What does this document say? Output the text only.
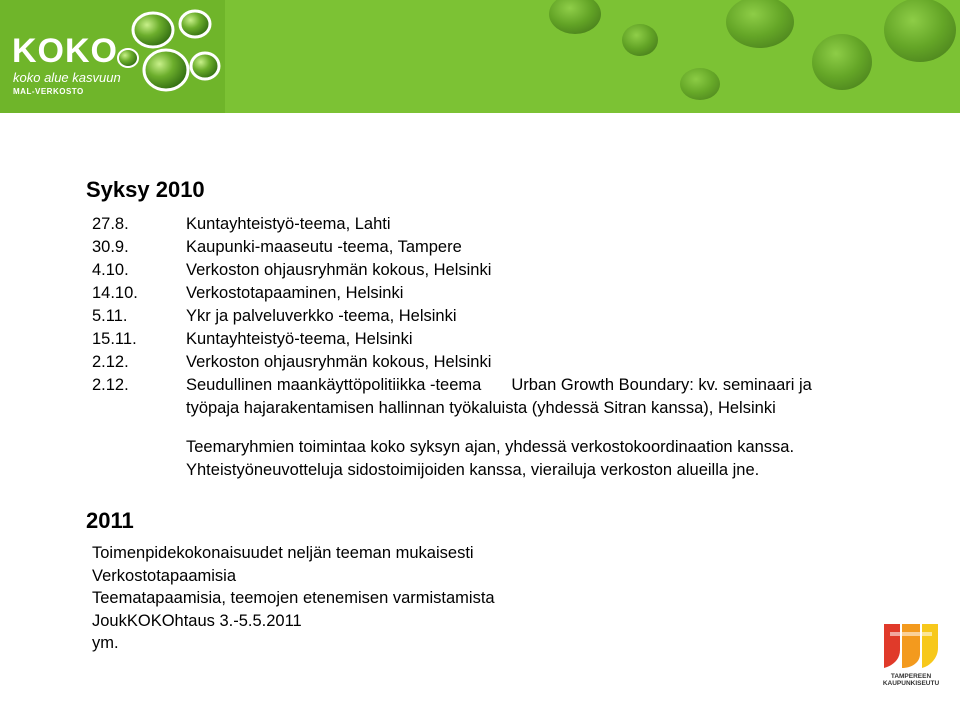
KOKO
koko alue kasvuun
MAL-VERKOSTO
Syksy 2010
27.8.	Kuntayhteistyö-teema, Lahti
30.9.	Kaupunki-maaseutu -teema, Tampere
4.10.	Verkoston ohjausryhmän kokous, Helsinki
14.10.	Verkostotapaaminen, Helsinki
5.11.	Ykr ja palveluverkko -teema, Helsinki
15.11.	Kuntayhteistyö-teema, Helsinki
2.12.	Verkoston ohjausryhmän kokous, Helsinki
2.12.	Seudullinen maankäyttöpolitiikka -teema Urban Growth Boundary: kv. seminaari ja
työpaja hajarakentamisen hallinnan työkaluista (yhdessä Sitran kanssa), Helsinki
Teemaryhmien toimintaa koko syksyn ajan, yhdessä verkostokoordinaation kanssa.
Yhteistyöneuvotteluja sidostoimijoiden kanssa, vierailuja verkoston alueilla jne.
2011
Toimenpidekokonaisuudet neljän teeman mukaisesti
Verkostotapaamisia
Teematapaamisia, teemojen etenemisen varmistamista
JoukKOKOhtaus 3.-5.5.2011
ym.
TAMPEREEN
KAUPUNKISEUTU
